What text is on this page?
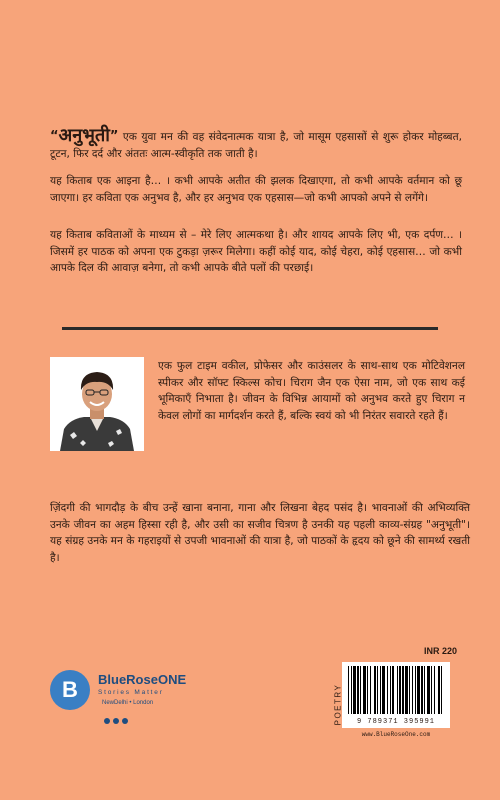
“अनुभूती” एक युवा मन की वह संवेदनात्मक यात्रा है, जो मासूम एहसासों से शुरू होकर मोहब्बत, टूटन, फिर दर्द और अंततः आत्म-स्वीकृति तक जाती है।
यह किताब एक आइना है… । कभी आपके अतीत की झलक दिखाएगा, तो कभी आपके वर्तमान को छू जाएगा। हर कविता एक अनुभव है, और हर अनुभव एक एहसास—जो कभी आपको अपने से लगेंगे।
यह किताब कविताओं के माध्यम से – मेरे लिए आत्मकथा है। और शायद आपके लिए भी, एक दर्पण… । जिसमें हर पाठक को अपना एक टुकड़ा ज़रूर मिलेगा। कहीं कोई याद, कोई चेहरा, कोई एहसास… जो कभी आपके दिल की आवाज़ बनेगा, तो कभी आपके बीते पलों की परछाई।
एक फुल टाइम वकील, प्रोफेसर और काउंसलर के साथ-साथ एक मोटिवेशनल स्पीकर और सॉफ्ट स्किल्स कोच। चिराग जैन एक ऐसा नाम, जो एक साथ कई भूमिकाएँ निभाता है। जीवन के विभिन्न आयामों को अनुभव करते हुए चिराग न केवल लोगों का मार्गदर्शन करते हैं, बल्कि स्वयं को भी निरंतर सवारते रहते हैं।
ज़िंदगी की भागदौड़ के बीच उन्हें खाना बनाना, गाना और लिखना बेहद पसंद है। भावनाओं की अभिव्यक्ति उनके जीवन का अहम हिस्सा रही है, और उसी का सजीव चित्रण है उनकी यह पहली काव्य-संग्रह "अनुभूती"। यह संग्रह उनके मन के गहराइयों से उपजी भावनाओं की यात्रा है, जो पाठकों के हृदय को छूने की सामर्थ्य रखती है।
B	BlueRoseONE
Stories Matter
NewDelhi • London
INR 220
POETRY	9 789371 395991
www.BlueRoseOne.com
